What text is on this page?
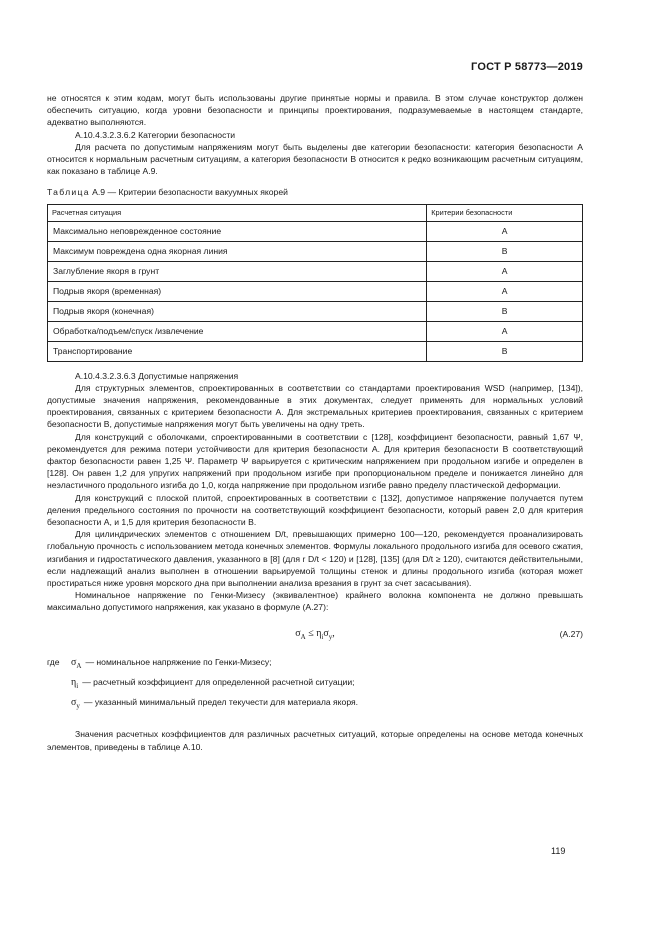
ГОСТ Р 58773—2019

не относятся к этим кодам, могут быть использованы другие принятые нормы и правила. В этом случае конструктор должен обеспечить ситуацию, когда уровни безопасности и принципы проектирования, подразумеваемые в настоящем стандарте, адекватно выполняются.

А.10.4.3.2.3.6.2 Категории безопасности

Для расчета по допустимым напряжениям могут быть выделены две категории безопасности: категория безопасности А относится к нормальным расчетным ситуациям, а категория безопасности В относится к редко возникающим расчетным ситуациям, как показано в таблице А.9.

Таблица А.9 — Критерии безопасности вакуумных якорей

Расчетная ситуация	Критерии безопасности
Максимально неповрежденное состояние	А
Максимум повреждена одна якорная линия	В
Заглубление якоря в грунт	А
Подрыв якоря (временная)	А
Подрыв якоря (конечная)	В
Обработка/подъем/спуск /извлечение	А
Транспортирование	В

А.10.4.3.2.3.6.3 Допустимые напряжения

Для структурных элементов, спроектированных в соответствии со стандартами проектирования WSD (например, [134]), допустимые значения напряжения, рекомендованные в этих документах, следует применять для нормальных условий проектирования, связанных с критерием безопасности А. Для экстремальных критериев проектирования, связанных с критерием безопасности В, допустимые напряжения могут быть увеличены на одну треть.

Для конструкций с оболочками, спроектированными в соответствии с [128], коэффициент безопасности, равный 1,67 Ψ, рекомендуется для режима потери устойчивости для критерия безопасности А. Для критерия безопасности В соответствующий фактор безопасности равен 1,25 Ψ. Параметр Ψ варьируется с критическим напряжением при продольном изгибе и определен в [128]. Он равен 1,2 для упругих напряжений при продольном изгибе при пропорциональном пределе и понижается линейно для неэластичного продольного изгиба до 1,0, когда напряжение при продольном изгибе равно пределу пластической деформации.

Для конструкций с плоской плитой, спроектированных в соответствии с [132], допустимое напряжение получается путем деления предельного состояния по прочности на соответствующий коэффициент безопасности, который равен 2,0 для критерия безопасности А, и 1,5 для критерия безопасности В.

Для цилиндрических элементов с отношением D/t, превышающих примерно 100—120, рекомендуется проанализировать глобальную прочность с использованием метода конечных элементов. Формулы локального продольного изгиба для осевого сжатия, изгибания и гидростатического давления, указанного в [8] (для r D/t < 120) и [128], [135] (для D/t ≥ 120), считаются действительными, если надлежащий анализ выполнен в отношении варьируемой толщины стенок и длины продольного изгиба (которая может простираться ниже уровня морского дна при выполнении анализа врезания в грунт за счет засасывания).

Номинальное напряжение по Генки-Мизесу (эквивалентное) крайнего волокна компонента не должно превышать максимально допустимого напряжения, как указано в формуле (А.27):

$\sigma_A \le \eta_i\sigma_y$,	(А.27)
где	$\sigma_A$ — номинальное напряжение по Генки-Мизесу;
$\eta_i$ — расчетный коэффициент для определенной расчетной ситуации;
$\sigma_y$ — указанный минимальный предел текучести для материала якоря.

Значения расчетных коэффициентов для различных расчетных ситуаций, которые определены на основе метода конечных элементов, приведены в таблице А.10.

119
